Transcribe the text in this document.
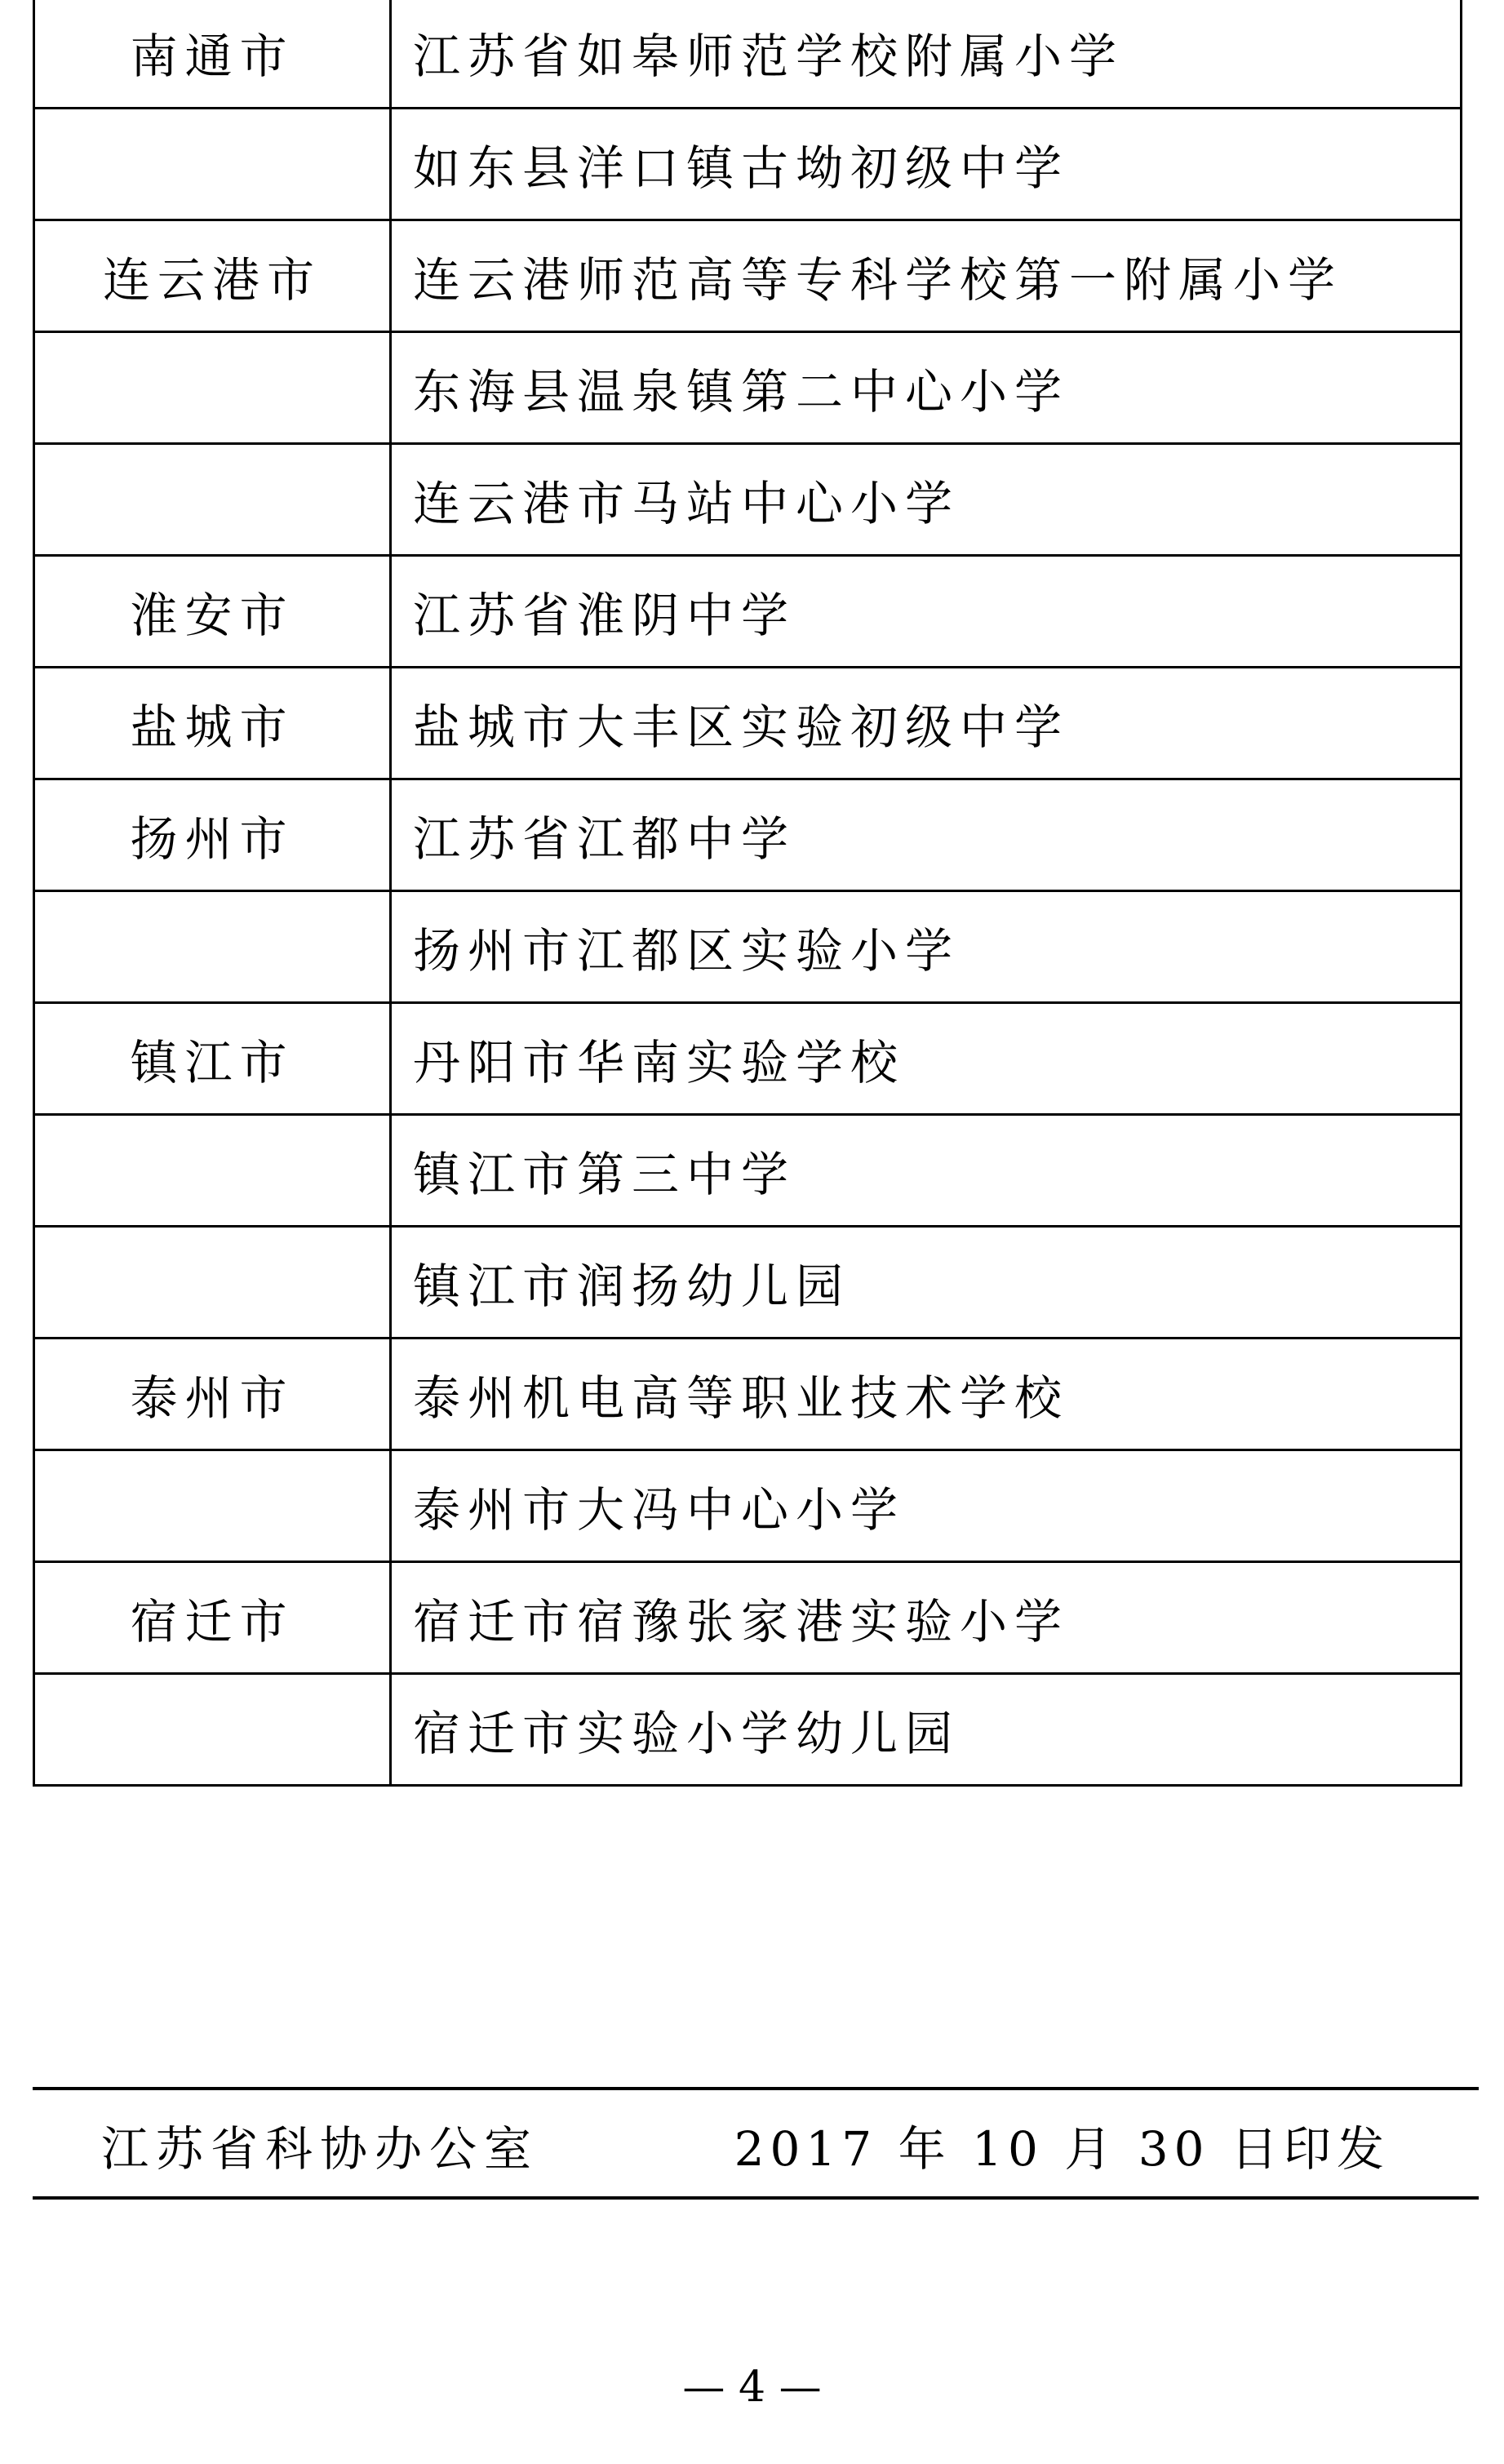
南通市	江苏省如皋师范学校附属小学
	如东县洋口镇古坳初级中学
连云港市	连云港师范高等专科学校第一附属小学
	东海县温泉镇第二中心小学
	连云港市马站中心小学
淮安市	江苏省淮阴中学
盐城市	盐城市大丰区实验初级中学
扬州市	江苏省江都中学
	扬州市江都区实验小学
镇江市	丹阳市华南实验学校
	镇江市第三中学
	镇江市润扬幼儿园
泰州市	泰州机电高等职业技术学校
	泰州市大冯中心小学
宿迁市	宿迁市宿豫张家港实验小学
	宿迁市实验小学幼儿园
江苏省科协办公室	2017 年 10 月 30 日印发
— 4 —
